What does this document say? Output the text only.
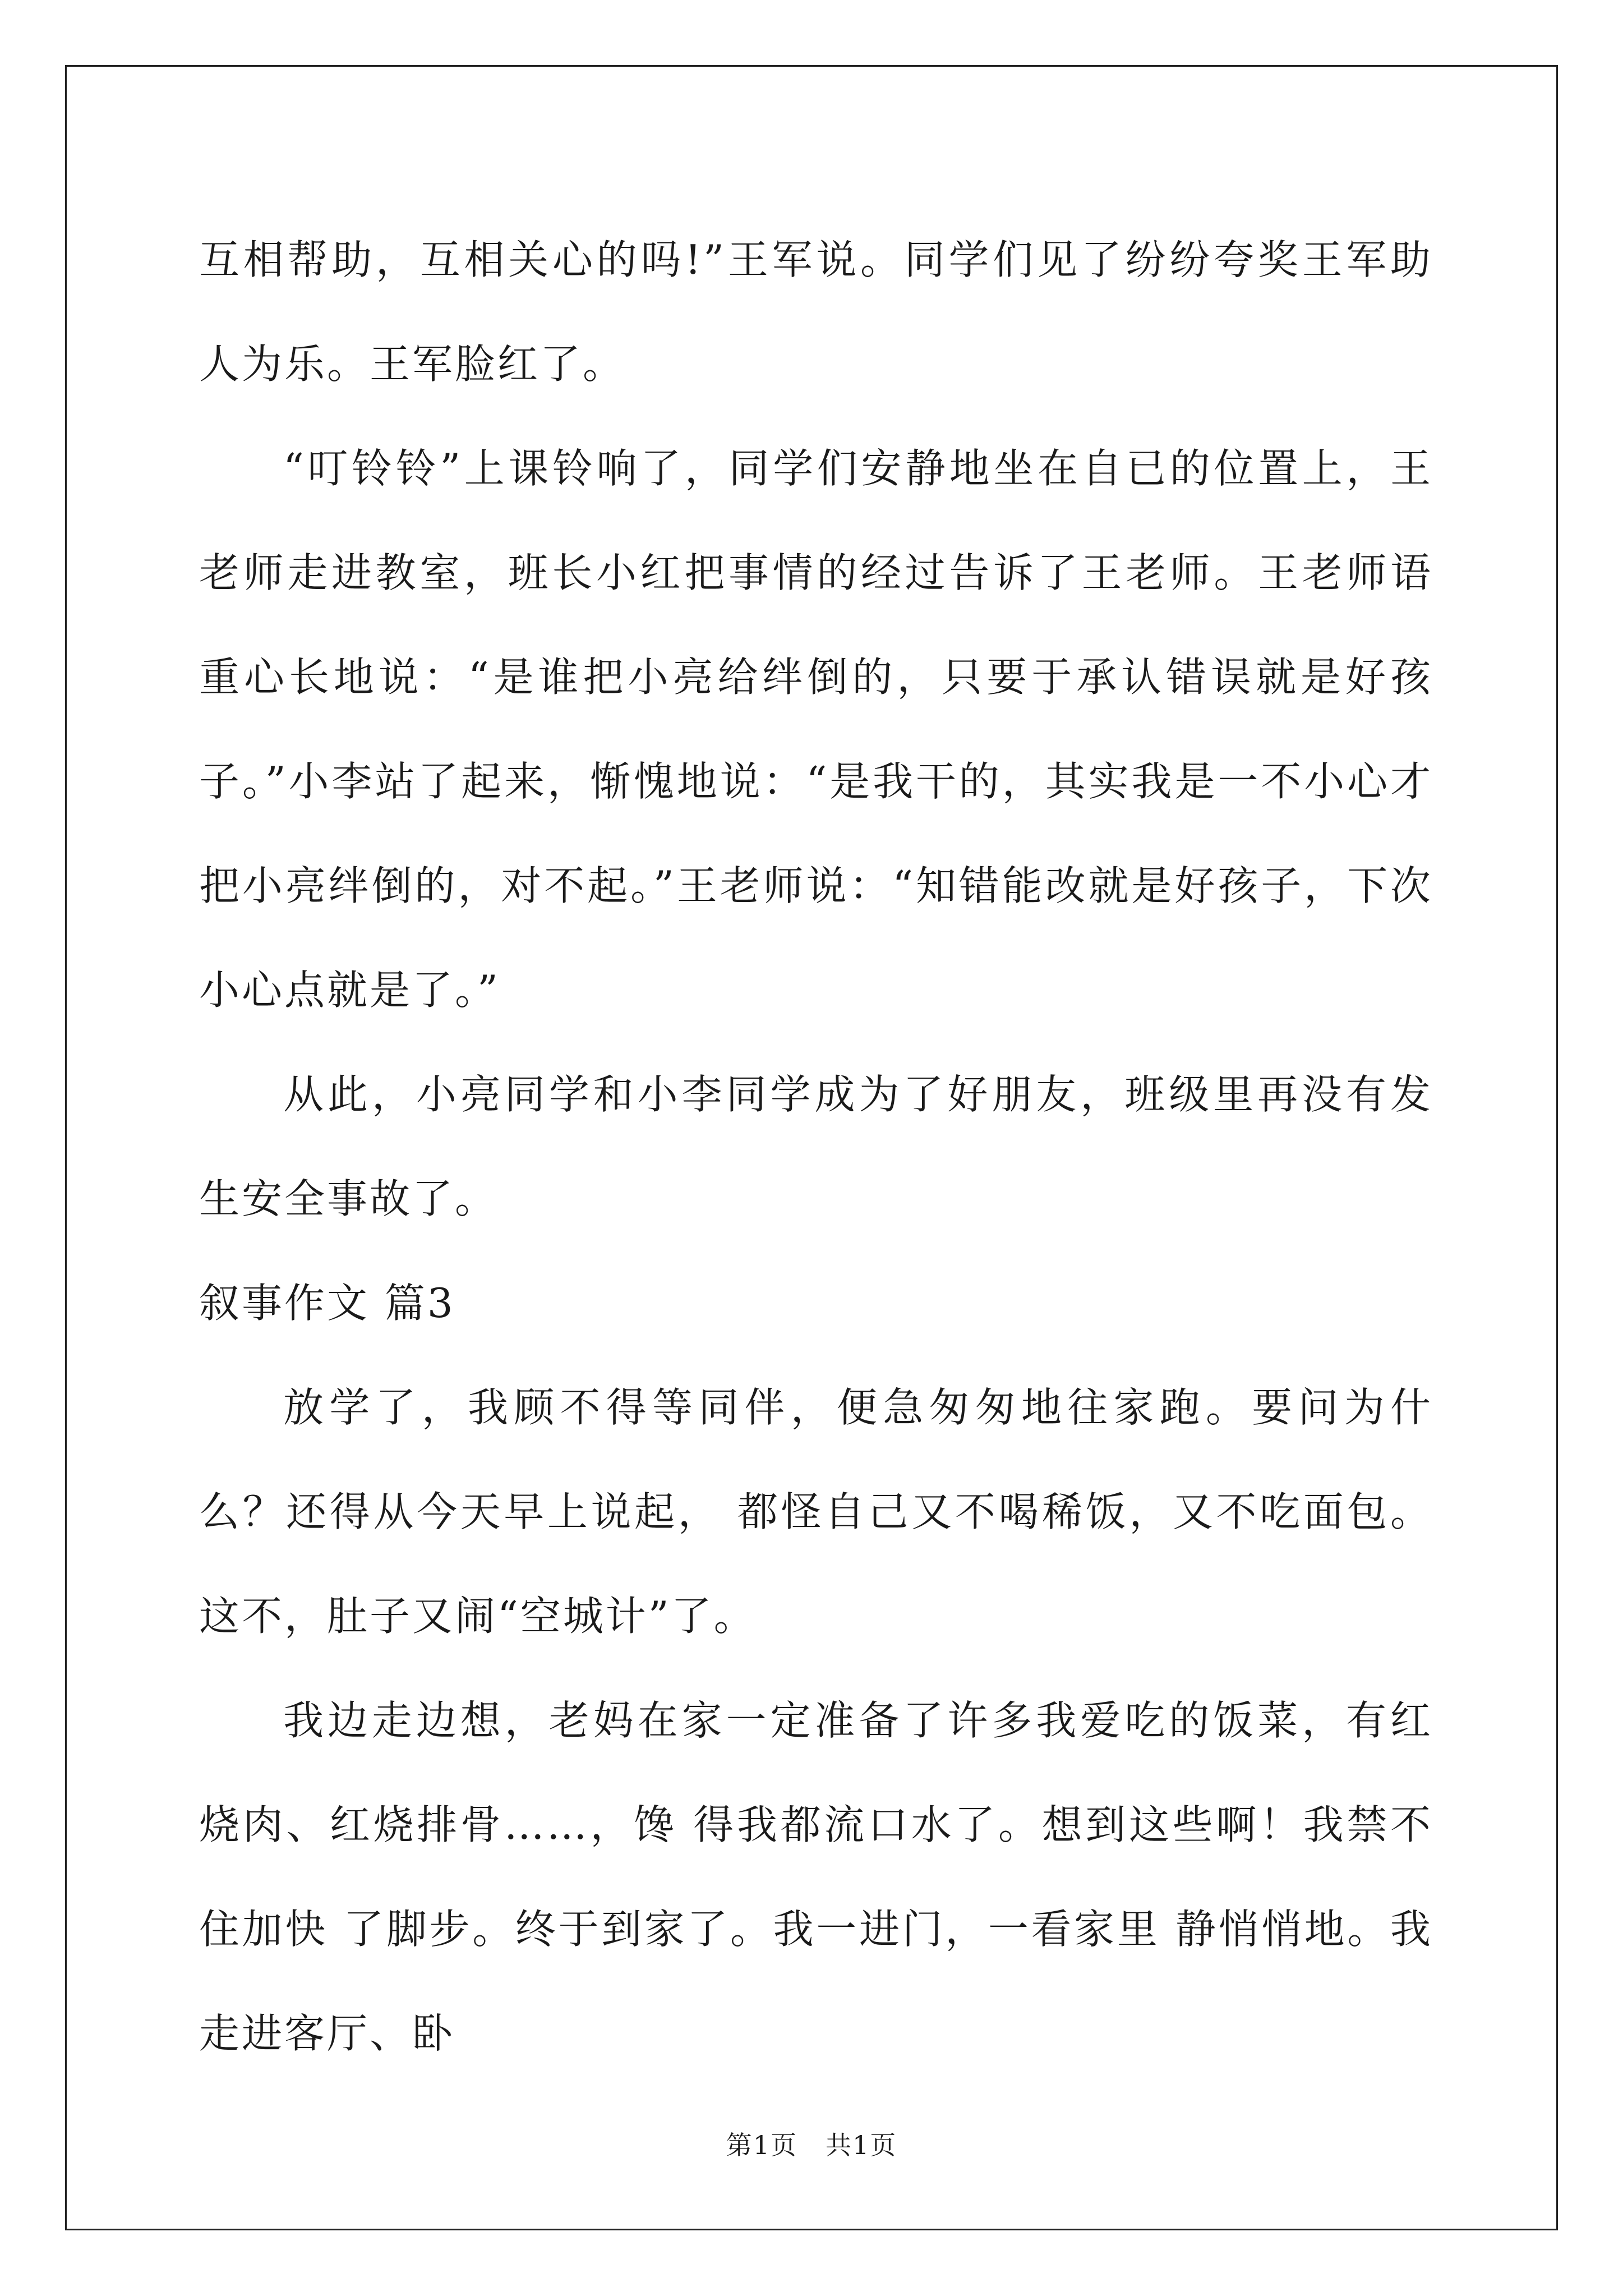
互相帮助，互相关心的吗!”王军说。同学们见了纷纷夸奖王军助人为乐。王军脸红了。

“叮铃铃”上课铃响了，同学们安静地坐在自已的位置上，王老师走进教室，班长小红把事情的经过告诉了王老师。王老师语重心长地说：“是谁把小亮给绊倒的，只要于承认错误就是好孩子。”小李站了起来，惭愧地说：“是我干的，其实我是一不小心才把小亮绊倒的，对不起。”王老师说：“知错能改就是好孩子，下次小心点就是了。”

从此，小亮同学和小李同学成为了好朋友，班级里再没有发生安全事故了。

叙事作文 篇3

放学了，我顾不得等同伴，便急匆匆地往家跑。要问为什么？还得从今天早上说起， 都怪自己又不喝稀饭，又不吃面包。这不，肚子又闹“空城计”了。

我边走边想，老妈在家一定准备了许多我爱吃的饭菜，有红烧肉、红烧排骨……，馋 得我都流口水了。想到这些啊！我禁不住加快 了脚步。终于到家了。我一进门，一看家里 静悄悄地。我走进客厅、卧

第1页 共1页
